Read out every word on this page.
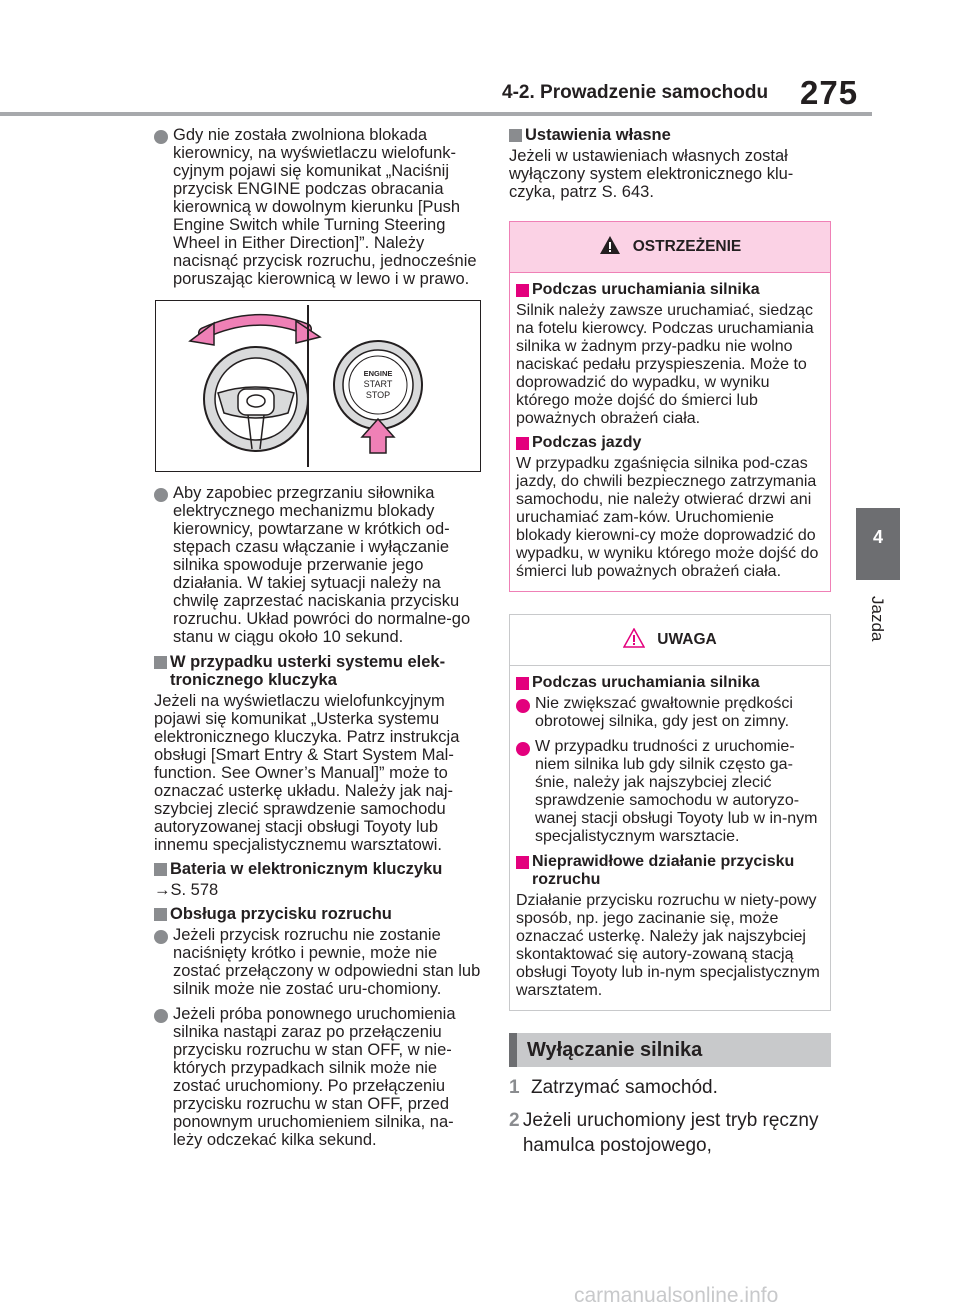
4-2. Prowadzenie samochodu 275
4
Jazda

Gdy nie została zwolniona blokada kierownicy, na wyświetlaczu wielofunk-cyjnym pojawi się komunikat „Naciśnij przycisk ENGINE podczas obracania kierownicą w dowolnym kierunku [Push Engine Switch while Turning Steering Wheel in Either Direction]”. Należy nacisnąć przycisk rozruchu, jednocześnie poruszając kierownicą w lewo i w prawo.

ENGINE
START
STOP

Aby zapobiec przegrzaniu siłownika elektrycznego mechanizmu blokady kierownicy, powtarzane w krótkich od-stępach czasu włączanie i wyłączanie silnika spowoduje przerwanie jego działania. W takiej sytuacji należy na chwilę zaprzestać naciskania przycisku rozruchu. Układ powróci do normalne-go stanu w ciągu około 10 sekund.

W przypadku usterki systemu elek-tronicznego kluczyka

Jeżeli na wyświetlaczu wielofunkcyjnym pojawi się komunikat „Usterka systemu elektronicznego kluczyka. Patrz instrukcja obsługi [Smart Entry & Start System Mal-function. See Owner’s Manual]” może to oznaczać usterkę układu. Należy jak naj-szybciej zlecić sprawdzenie samochodu autoryzowanej stacji obsługi Toyoty lub innemu specjalistycznemu warsztatowi.

Bateria w elektronicznym kluczyku

→S. 578

Obsługa przycisku rozruchu

Jeżeli przycisk rozruchu nie zostanie naciśnięty krótko i pewnie, może nie zostać przełączony w odpowiedni stan lub silnik może nie zostać uru-chomiony.

Jeżeli próba ponownego uruchomienia silnika nastąpi zaraz po przełączeniu przycisku rozruchu w stan OFF, w nie-których przypadkach silnik może nie zostać uruchomiony. Po przełączeniu przycisku rozruchu w stan OFF, przed ponownym uruchomieniem silnika, na-leży odczekać kilka sekund.

Ustawienia własne

Jeżeli w ustawieniach własnych został wyłączony system elektronicznego klu-czyka, patrz S. 643.

OSTRZEŻENIE

Podczas uruchamiania silnika

Silnik należy zawsze uruchamiać, siedząc na fotelu kierowcy. Podczas uruchamiania silnika w żadnym przy-padku nie wolno naciskać pedału przyspieszenia. Może to doprowadzić do wypadku, w wyniku którego może dojść do śmierci lub poważnych obrażeń ciała.

Podczas jazdy

W przypadku zgaśnięcia silnika pod-czas jazdy, do chwili bezpiecznego zatrzymania samochodu, nie należy otwierać drzwi ani uruchamiać zam-ków. Uruchomienie blokady kierowni-cy może doprowadzić do wypadku, w wyniku którego może dojść do śmierci lub poważnych obrażeń ciała.

UWAGA

Podczas uruchamiania silnika

Nie zwiększać gwałtownie prędkości obrotowej silnika, gdy jest on zimny.

W przypadku trudności z uruchomie-niem silnika lub gdy silnik często ga-śnie, należy jak najszybciej zlecić sprawdzenie samochodu w autoryzo-wanej stacji obsługi Toyoty lub w in-nym specjalistycznym warsztacie.

Nieprawidłowe działanie przycisku rozruchu

Działanie przycisku rozruchu w niety-powy sposób, np. jego zacinanie się, może oznaczać usterkę. Należy jak najszybciej skontaktować się autory-zowaną stacją obsługi Toyoty lub in-nym specjalistycznym warsztatem.

Wyłączanie silnika
1 Zatrzymać samochód.
2 Jeżeli uruchomiony jest tryb ręczny hamulca postojowego,
carmanualsonline.info
